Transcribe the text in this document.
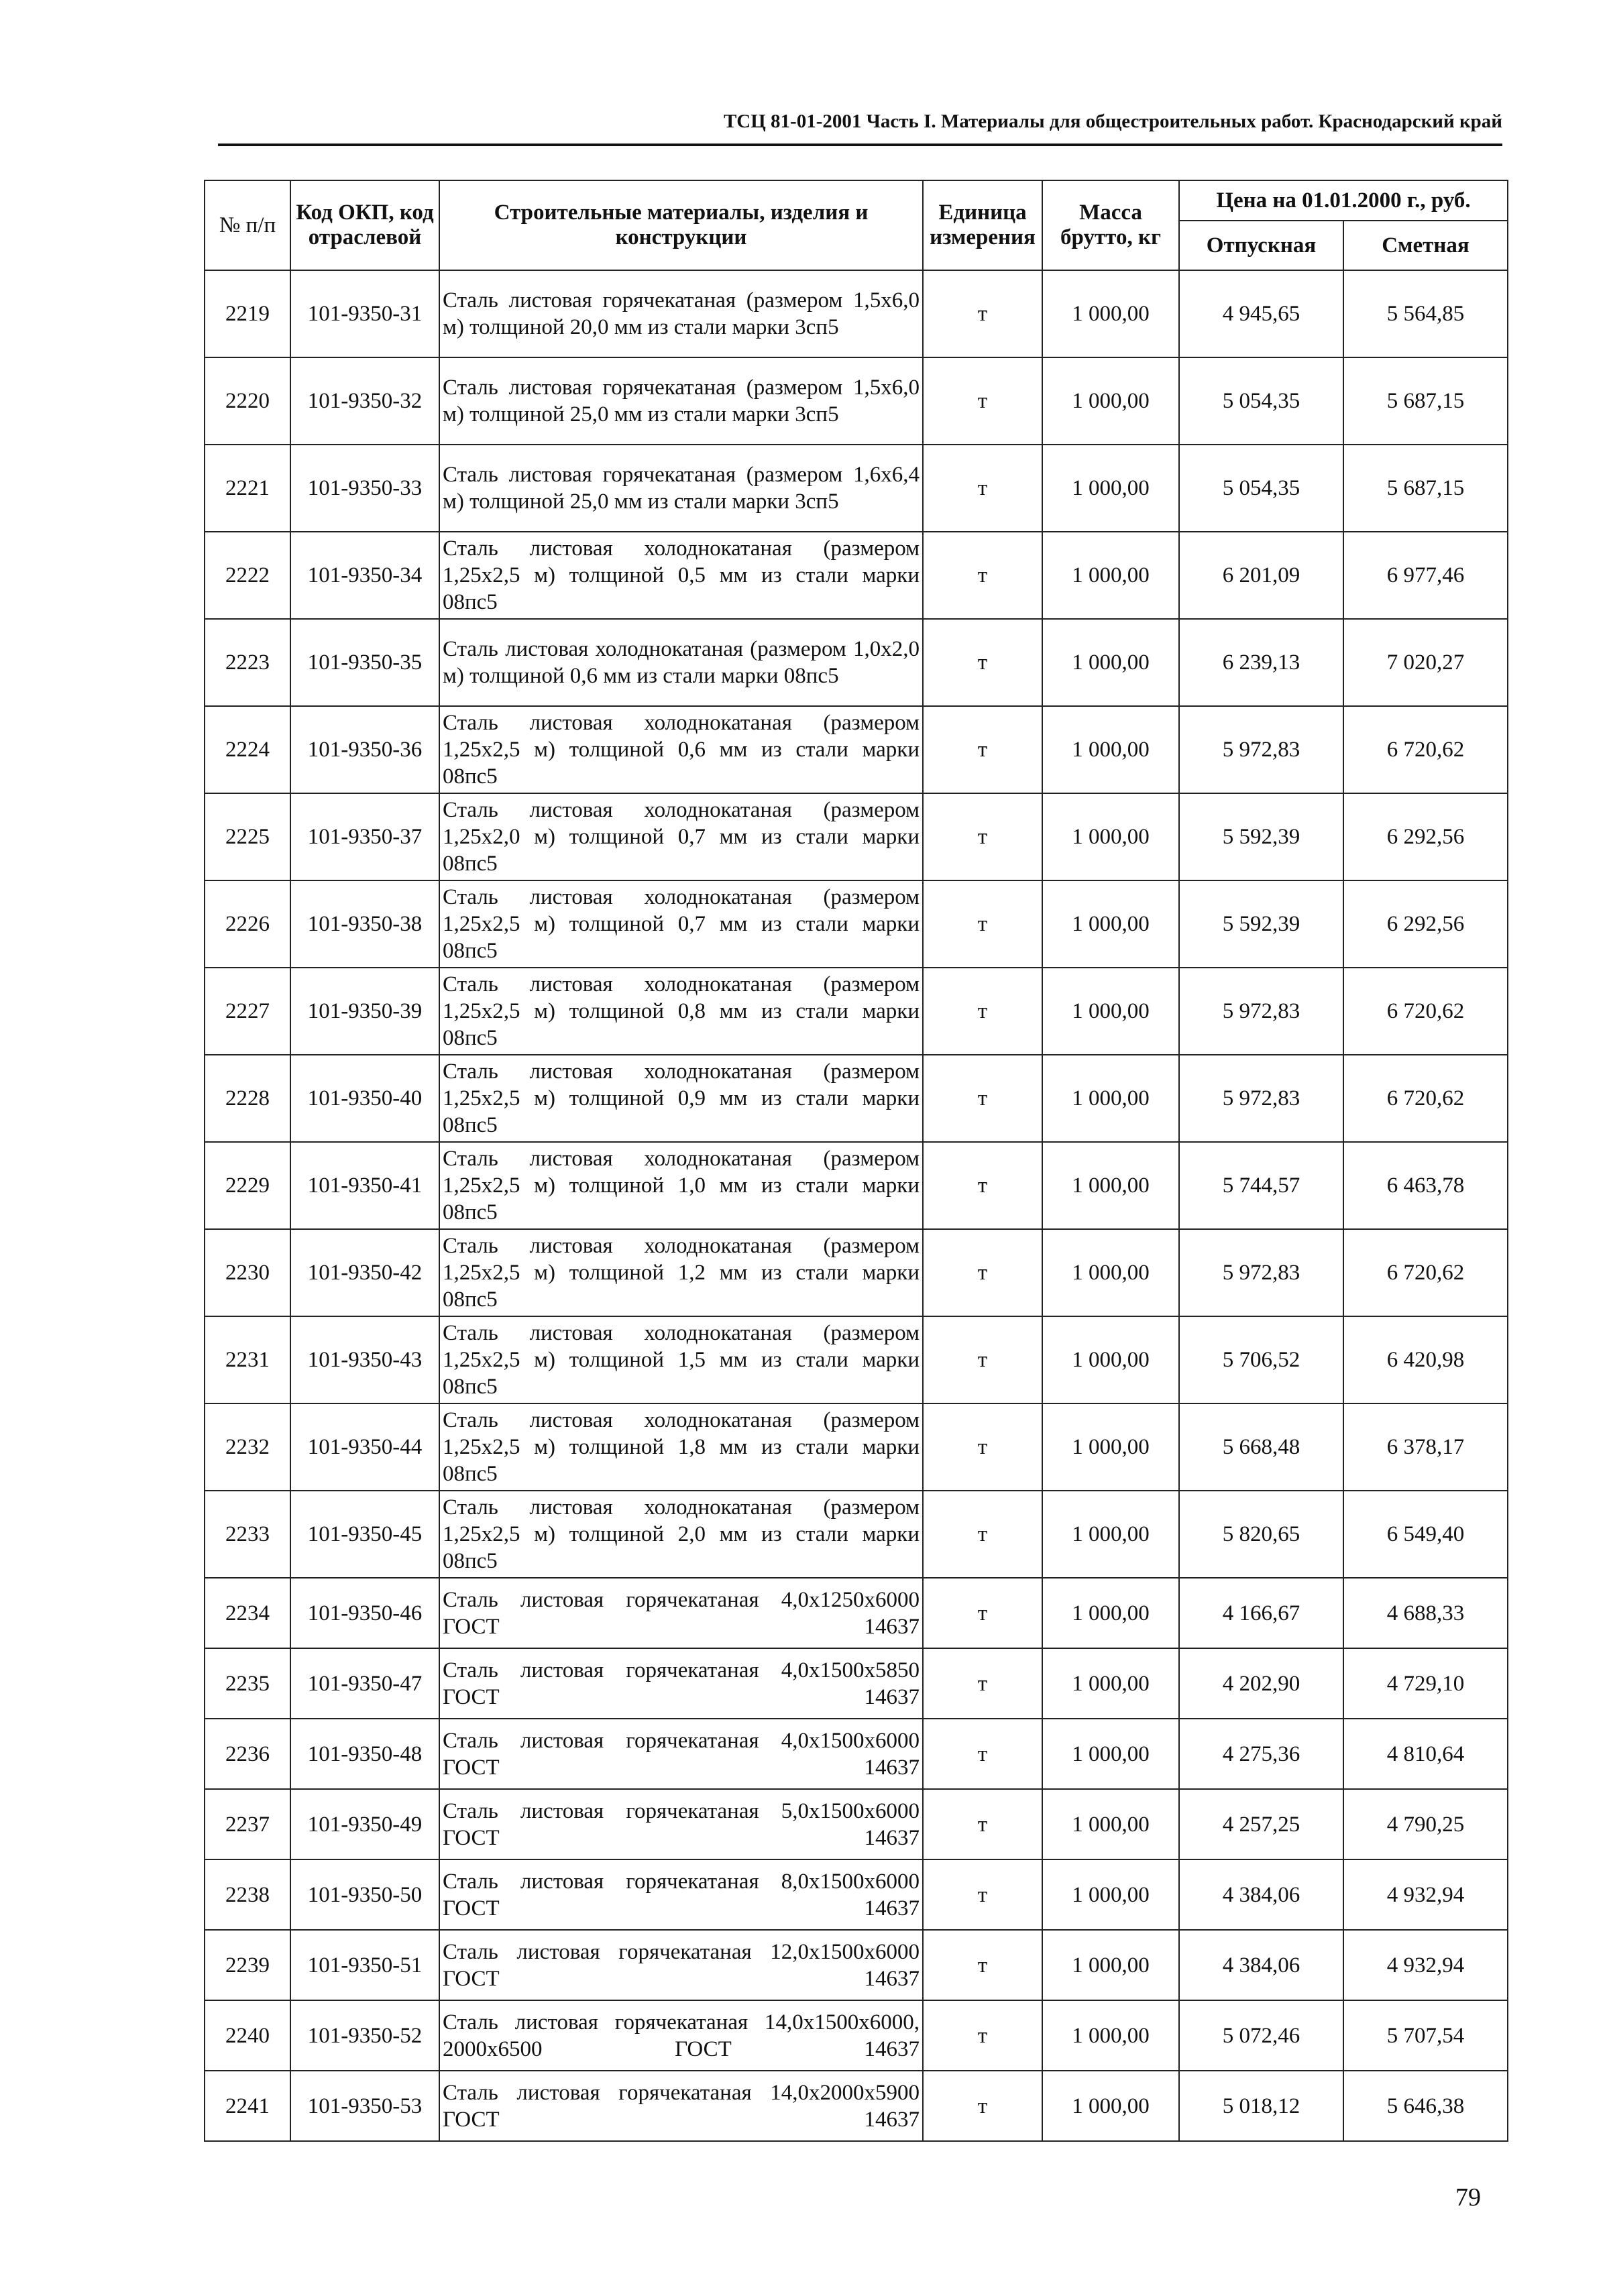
ТСЦ 81-01-2001 Часть I. Материалы для общестроительных работ. Краснодарский край
№ п/п	Код ОКП, код отраслевой	Строительные материалы, изделия и конструкции	Единица измерения	Масса брутто, кг	Цена на 01.01.2000 г., руб.	
					Отпускная	Сметная
2219	101-9350-31	Сталь листовая горячекатаная (размером 1,5х6,0 м) толщиной 20,0 мм из стали марки 3сп5	т	1 000,00	4 945,65	5 564,85
2220	101-9350-32	Сталь листовая горячекатаная (размером 1,5х6,0 м) толщиной 25,0 мм из стали марки 3сп5	т	1 000,00	5 054,35	5 687,15
2221	101-9350-33	Сталь листовая горячекатаная (размером 1,6х6,4 м) толщиной 25,0 мм из стали марки 3сп5	т	1 000,00	5 054,35	5 687,15
2222	101-9350-34	Сталь листовая холоднокатаная (размером 1,25х2,5 м) толщиной 0,5 мм из стали марки 08пс5	т	1 000,00	6 201,09	6 977,46
2223	101-9350-35	Сталь листовая холоднокатаная (размером 1,0х2,0 м) толщиной 0,6 мм из стали марки 08пс5	т	1 000,00	6 239,13	7 020,27
2224	101-9350-36	Сталь листовая холоднокатаная (размером 1,25х2,5 м) толщиной 0,6 мм из стали марки 08пс5	т	1 000,00	5 972,83	6 720,62
2225	101-9350-37	Сталь листовая холоднокатаная (размером 1,25х2,0 м) толщиной 0,7 мм из стали марки 08пс5	т	1 000,00	5 592,39	6 292,56
2226	101-9350-38	Сталь листовая холоднокатаная (размером 1,25х2,5 м) толщиной 0,7 мм из стали марки 08пс5	т	1 000,00	5 592,39	6 292,56
2227	101-9350-39	Сталь листовая холоднокатаная (размером 1,25х2,5 м) толщиной 0,8 мм из стали марки 08пс5	т	1 000,00	5 972,83	6 720,62
2228	101-9350-40	Сталь листовая холоднокатаная (размером 1,25х2,5 м) толщиной 0,9 мм из стали марки 08пс5	т	1 000,00	5 972,83	6 720,62
2229	101-9350-41	Сталь листовая холоднокатаная (размером 1,25х2,5 м) толщиной 1,0 мм из стали марки 08пс5	т	1 000,00	5 744,57	6 463,78
2230	101-9350-42	Сталь листовая холоднокатаная (размером 1,25х2,5 м) толщиной 1,2 мм из стали марки 08пс5	т	1 000,00	5 972,83	6 720,62
2231	101-9350-43	Сталь листовая холоднокатаная (размером 1,25х2,5 м) толщиной 1,5 мм из стали марки 08пс5	т	1 000,00	5 706,52	6 420,98
2232	101-9350-44	Сталь листовая холоднокатаная (размером 1,25х2,5 м) толщиной 1,8 мм из стали марки 08пс5	т	1 000,00	5 668,48	6 378,17
2233	101-9350-45	Сталь листовая холоднокатаная (размером 1,25х2,5 м) толщиной 2,0 мм из стали марки 08пс5	т	1 000,00	5 820,65	6 549,40
2234	101-9350-46	Сталь листовая горячекатаная 4,0х1250х6000 ГОСТ 14637	т	1 000,00	4 166,67	4 688,33
2235	101-9350-47	Сталь листовая горячекатаная 4,0х1500х5850 ГОСТ 14637	т	1 000,00	4 202,90	4 729,10
2236	101-9350-48	Сталь листовая горячекатаная 4,0х1500х6000 ГОСТ 14637	т	1 000,00	4 275,36	4 810,64
2237	101-9350-49	Сталь листовая горячекатаная 5,0х1500х6000 ГОСТ 14637	т	1 000,00	4 257,25	4 790,25
2238	101-9350-50	Сталь листовая горячекатаная 8,0х1500х6000 ГОСТ 14637	т	1 000,00	4 384,06	4 932,94
2239	101-9350-51	Сталь листовая горячекатаная 12,0х1500х6000 ГОСТ 14637	т	1 000,00	4 384,06	4 932,94
2240	101-9350-52	Сталь листовая горячекатаная 14,0х1500х6000, 2000х6500 ГОСТ 14637	т	1 000,00	5 072,46	5 707,54
2241	101-9350-53	Сталь листовая горячекатаная 14,0х2000х5900 ГОСТ 14637	т	1 000,00	5 018,12	5 646,38
79
